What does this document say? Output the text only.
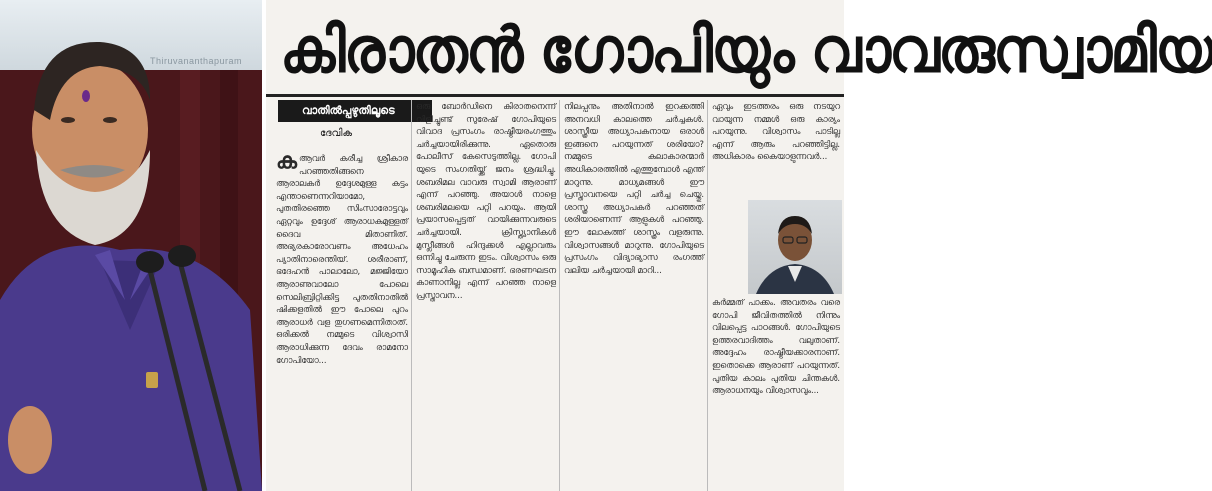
Thiruvananthapuram കിരാതൻ ഗോപിയും വാവരുസ്വാമിയ
വാതിൽപ്പഴുതിലൂടെ
ദേവിക
കആവർ കരീച്ച ശ്രീകാര പറഞ്ഞതിങ്ങനെ ആരാലകർ ഉദ്ദേശമുള്ള കട്ടം എന്താണെന്നറിയാമോ, പുതതിരഞ്ഞെ സിംസാരോട്ടവും ഏറ്റവും ഉദ്ദേശ് ആരാധകമുള്ളത് ദൈവ മിതാണിത്. അഭ്യരകാരോവണം അധേഹം പ്യാതിനാരെന്തിയ്. ശരീരാണ്, ഭദേഹൻ പാലാലോ, മജ്ജിയോ ആരാണുവാലോ പോലെ സെലിബ്രിറ്റിക്കിട്ട പുതതിനാതിൽ ഷിക്കളതിൽ ഈ പോലെ പുറം ആരാധർ വള തുഗണമെന്നിതാത്. ഒരിക്കൽ നമ്മുടെ വിശ്വാസി ആരാധിക്കുന്ന ദേവം രാമനോ ഗോപിയോ...
ഒരു ബോർഡിനെ കിരാതനെന്ന് വിളിച്ചുണ്ട് സുരേഷ് ഗോപിയുടെ വിവാദ പ്രസംഗം രാഷ്ട്രീയരംഗത്തും ചർച്ചയായിരിക്കുന്നു. ഏതൊരു പോലീസ് കേസെടുത്തില്ല. ഗോപി യുടെ സംഗതിയ്ക്ക് ജനം ശ്രദ്ധിച്ചു. ശബരിമല വാവരു സ്വാമി ആരാണ് എന്ന് പറഞ്ഞു. അയാൾ നാളെ ശബരിമലയെ പറ്റി പറയും. ആയി പ്രയാസപ്പെട്ടത് വായിക്കുന്നവരുടെ ചർച്ചയായി. ക്രിസ്ത്യാനികൾ മുസ്ലീങ്ങൾ ഹിന്ദുക്കൾ എല്ലാവരും ഒന്നിച്ചു ചേരുന്ന ഇടം. വിശ്വാസം ഒരു സാമൂഹിക ബന്ധമാണ്. ഭരണഘടന കാണാനില്ല എന്ന് പറഞ്ഞ നാളെ പ്രസ്താവന...
നിലപ്പനും അതിനാൽ ഇറക്കത്തി അനവധി കാലത്തെ ചർച്ചകൾ. ശാസ്ത്രീയ അധ്യാപകനായ ഒരാൾ ഇങ്ങനെ പറയുന്നത് ശരിയോ? നമ്മുടെ കലാകാരന്മാർ അധികാരത്തിൽ എത്തുമ്പോൾ എന്ത് മാറുന്നു. മാധ്യമങ്ങൾ ഈ പ്രസ്താവനയെ പറ്റി ചർച്ച ചെയ്തു. ശാസ്ത്ര അധ്യാപകർ പറഞ്ഞത് ശരിയാണെന്ന് ആളുകൾ പറഞ്ഞു. ഈ ലോകത്ത് ശാസ്ത്രം വളരുന്നു. വിശ്വാസങ്ങൾ മാറുന്നു. ഗോപിയുടെ പ്രസംഗം വിദ്യാഭ്യാസ രംഗത്ത് വലിയ ചർച്ചയായി മാറി...
ഏവും ഇടത്തരം ഒരു നടയുറ വായുന്ന നമ്മൾ ഒരു കാര്യം പറയുന്നു. വിശ്വാസം പാടില്ല എന്ന് ആരും പറഞ്ഞിട്ടില്ല. അധികാരം കൈയാളുന്നവർ...
കർമ്മത് പാക്കം. അവതരം വരെ ഗോപി ജീവിതത്തിൽ നിന്നും വിലപ്പെട്ട പാഠങ്ങൾ. ഗോപിയുടെ ഉത്തരവാദിത്തം വലുതാണ്. അദ്ദേഹം രാഷ്ട്രീയക്കാരനാണ്. ഇതൊക്കെ ആരാണ് പറയുന്നത്. പുതിയ കാലം പുതിയ ചിന്തകൾ. ആരാധനയും വിശ്വാസവും...
